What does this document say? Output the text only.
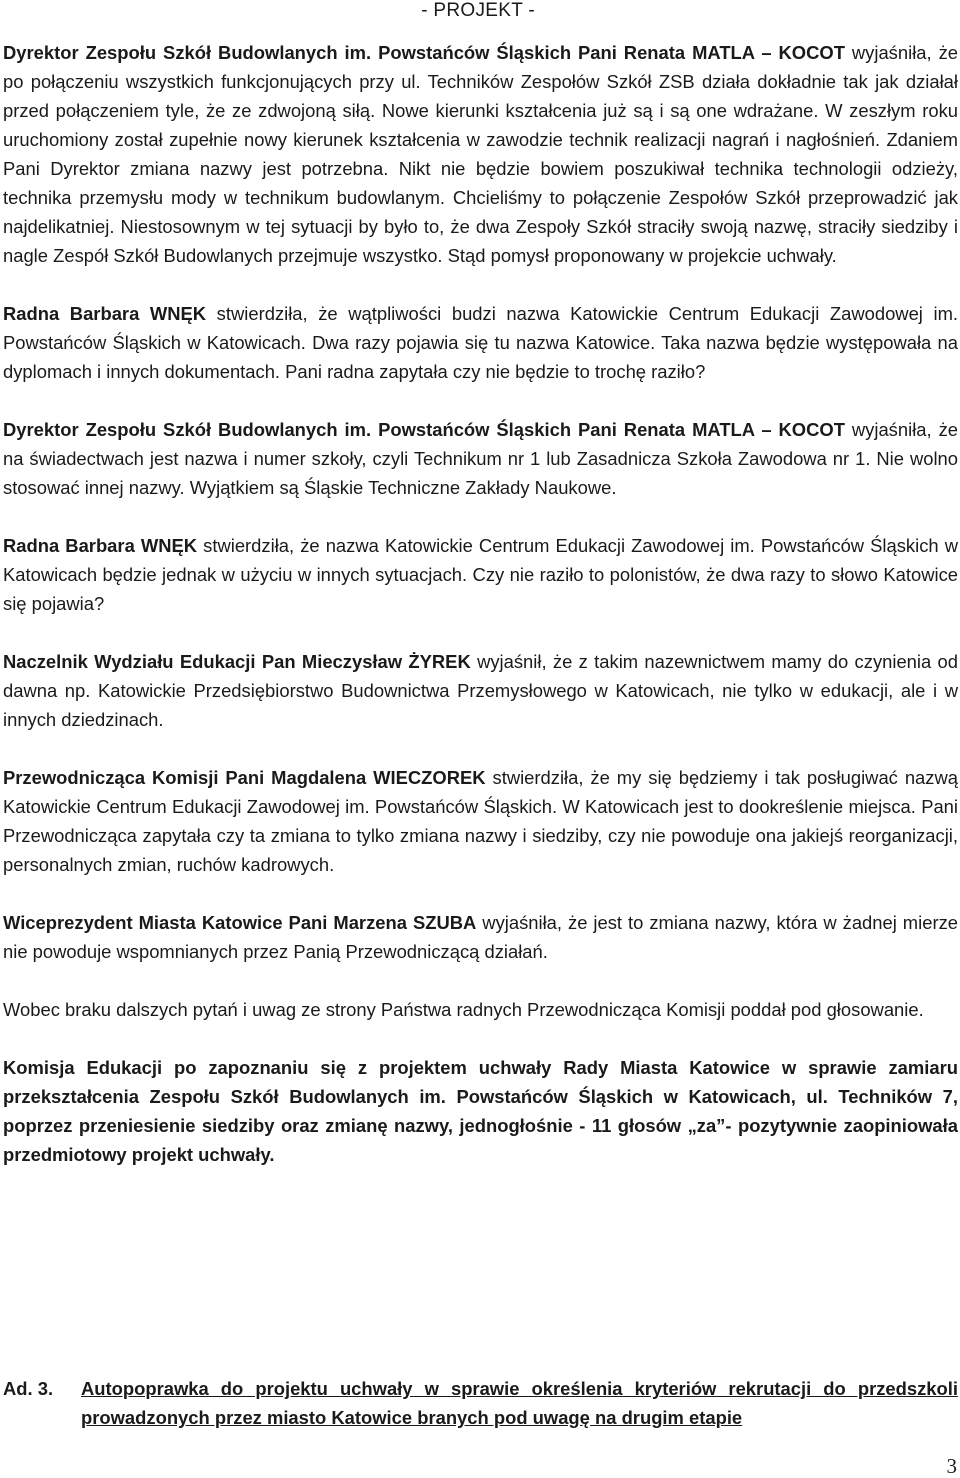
- PROJEKT -

Dyrektor Zespołu Szkół Budowlanych im. Powstańców Śląskich Pani Renata MATLA – KOCOT wyjaśniła, że po połączeniu wszystkich funkcjonujących przy ul. Techników Zespołów Szkół ZSB działa dokładnie tak jak działał przed połączeniem tyle, że ze zdwojoną siłą. Nowe kierunki kształcenia już są i są one wdrażane. W zeszłym roku uruchomiony został zupełnie nowy kierunek kształcenia w zawodzie technik realizacji nagrań i nagłośnień. Zdaniem Pani Dyrektor zmiana nazwy jest potrzebna. Nikt nie będzie bowiem poszukiwał technika technologii odzieży, technika przemysłu mody w technikum budowlanym. Chcieliśmy to połączenie Zespołów Szkół przeprowadzić jak najdelikatniej. Niestosownym w tej sytuacji by było to, że dwa Zespoły Szkół straciły swoją nazwę, straciły siedziby i nagle Zespół Szkół Budowlanych przejmuje wszystko. Stąd pomysł proponowany w projekcie uchwały.

Radna Barbara WNĘK stwierdziła, że wątpliwości budzi nazwa Katowickie Centrum Edukacji Zawodowej im. Powstańców Śląskich w Katowicach. Dwa razy pojawia się tu nazwa Katowice. Taka nazwa będzie występowała na dyplomach i innych dokumentach. Pani radna zapytała czy nie będzie to trochę raziło?

Dyrektor Zespołu Szkół Budowlanych im. Powstańców Śląskich Pani Renata MATLA – KOCOT wyjaśniła, że na świadectwach jest nazwa i numer szkoły, czyli Technikum nr 1 lub Zasadnicza Szkoła Zawodowa nr 1. Nie wolno stosować innej nazwy. Wyjątkiem są Śląskie Techniczne Zakłady Naukowe.

Radna Barbara WNĘK stwierdziła, że nazwa Katowickie Centrum Edukacji Zawodowej im. Powstańców Śląskich w Katowicach będzie jednak w użyciu w innych sytuacjach. Czy nie raziło to polonistów, że dwa razy to słowo Katowice się pojawia?

Naczelnik Wydziału Edukacji Pan Mieczysław ŻYREK wyjaśnił, że z takim nazewnictwem mamy do czynienia od dawna np. Katowickie Przedsiębiorstwo Budownictwa Przemysłowego w Katowicach, nie tylko w edukacji, ale i w innych dziedzinach.

Przewodnicząca Komisji Pani Magdalena WIECZOREK stwierdziła, że my się będziemy i tak posługiwać nazwą Katowickie Centrum Edukacji Zawodowej im. Powstańców Śląskich. W Katowicach jest to dookreślenie miejsca. Pani Przewodnicząca zapytała czy ta zmiana to tylko zmiana nazwy i siedziby, czy nie powoduje ona jakiejś reorganizacji, personalnych zmian, ruchów kadrowych.

Wiceprezydent Miasta Katowice Pani Marzena SZUBA wyjaśniła, że jest to zmiana nazwy, która w żadnej mierze nie powoduje wspomnianych przez Panią Przewodniczącą działań.

Wobec braku dalszych pytań i uwag ze strony Państwa radnych Przewodnicząca Komisji poddał pod głosowanie.

Komisja Edukacji po zapoznaniu się z projektem uchwały Rady Miasta Katowice w sprawie zamiaru przekształcenia Zespołu Szkół Budowlanych im. Powstańców Śląskich w Katowicach, ul. Techników 7, poprzez przeniesienie siedziby oraz zmianę nazwy, jednogłośnie - 11 głosów „za”- pozytywnie zaopiniowała przedmiotowy projekt uchwały.

Ad. 3.	Autopoprawka do projektu uchwały w sprawie określenia kryteriów rekrutacji do przedszkoli prowadzonych przez miasto Katowice branych pod uwagę na drugim etapie
3
